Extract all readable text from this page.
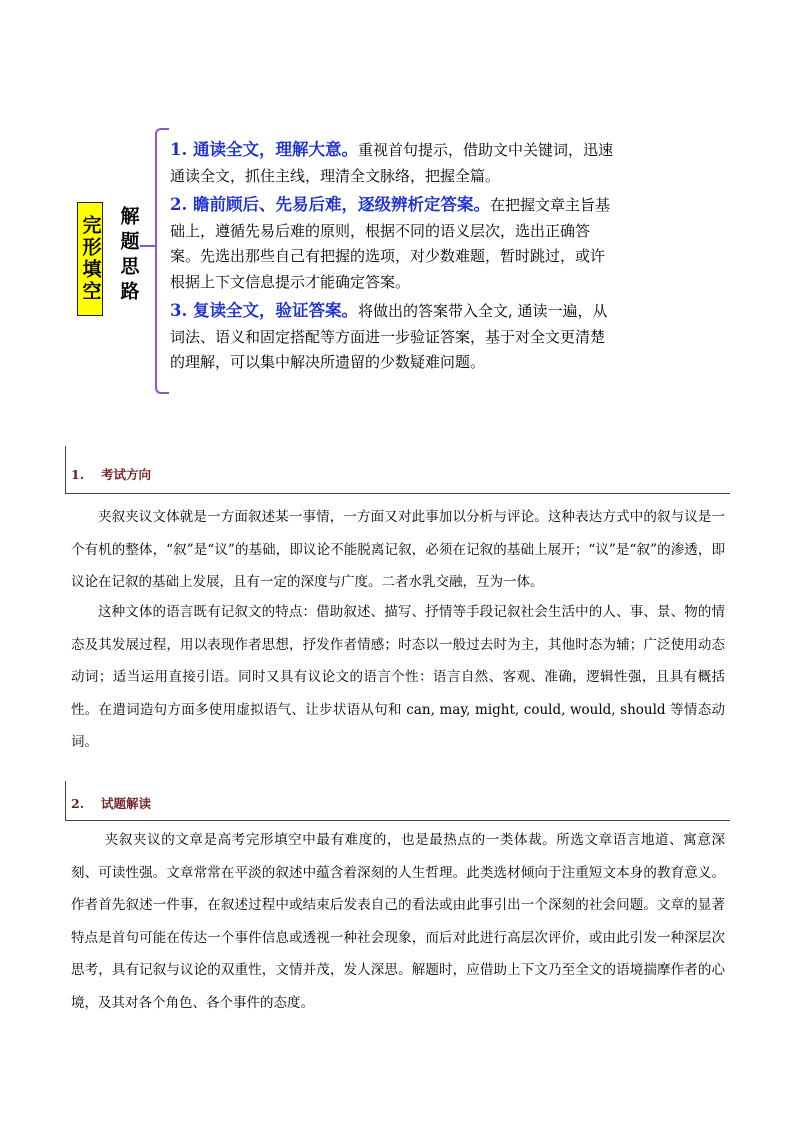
完形填空 解题思路
1. 通读全文，理解大意。重视首句提示，借助文中关键词，迅速通读全文，抓住主线，理清全文脉络，把握全篇。
2. 瞻前顾后、先易后难，逐级辨析定答案。在把握文章主旨基础上，遵循先易后难的原则，根据不同的语义层次，选出正确答案。先选出那些自己有把握的选项，对少数难题，暂时跳过，或许根据上下文信息提示才能确定答案。
3. 复读全文，验证答案。将做出的答案带入全文, 通读一遍，从词法、语义和固定搭配等方面进一步验证答案，基于对全文更清楚的理解，可以集中解决所遗留的少数疑难问题。
1. 考试方向
夹叙夹议文体就是一方面叙述某一事情，一方面又对此事加以分析与评论。这种表达方式中的叙与议是一个有机的整体，“叙”是“议”的基础，即议论不能脱离记叙，必须在记叙的基础上展开；“议”是“叙”的渗透，即议论在记叙的基础上发展，且有一定的深度与广度。二者水乳交融，互为一体。
这种文体的语言既有记叙文的特点：借助叙述、描写、抒情等手段记叙社会生活中的人、事、景、物的情态及其发展过程，用以表现作者思想，抒发作者情感；时态以一般过去时为主，其他时态为辅；广泛使用动态动词；适当运用直接引语。同时又具有议论文的语言个性：语言自然、客观、准确，逻辑性强，且具有概括性。在遣词造句方面多使用虚拟语气、让步状语从句和 can, may, might, could, would, should 等情态动词。
2. 试题解读
夹叙夹议的文章是高考完形填空中最有难度的，也是最热点的一类体裁。所选文章语言地道、寓意深刻、可读性强。文章常常在平淡的叙述中蕴含着深刻的人生哲理。此类选材倾向于注重短文本身的教育意义。作者首先叙述一件事，在叙述过程中或结束后发表自己的看法或由此事引出一个深刻的社会问题。文章的显著特点是首句可能在传达一个事件信息或透视一种社会现象，而后对此进行高层次评价，或由此引发一种深层次思考，具有记叙与议论的双重性，文情并茂，发人深思。解题时，应借助上下文乃至全文的语境揣摩作者的心境，及其对各个角色、各个事件的态度。
